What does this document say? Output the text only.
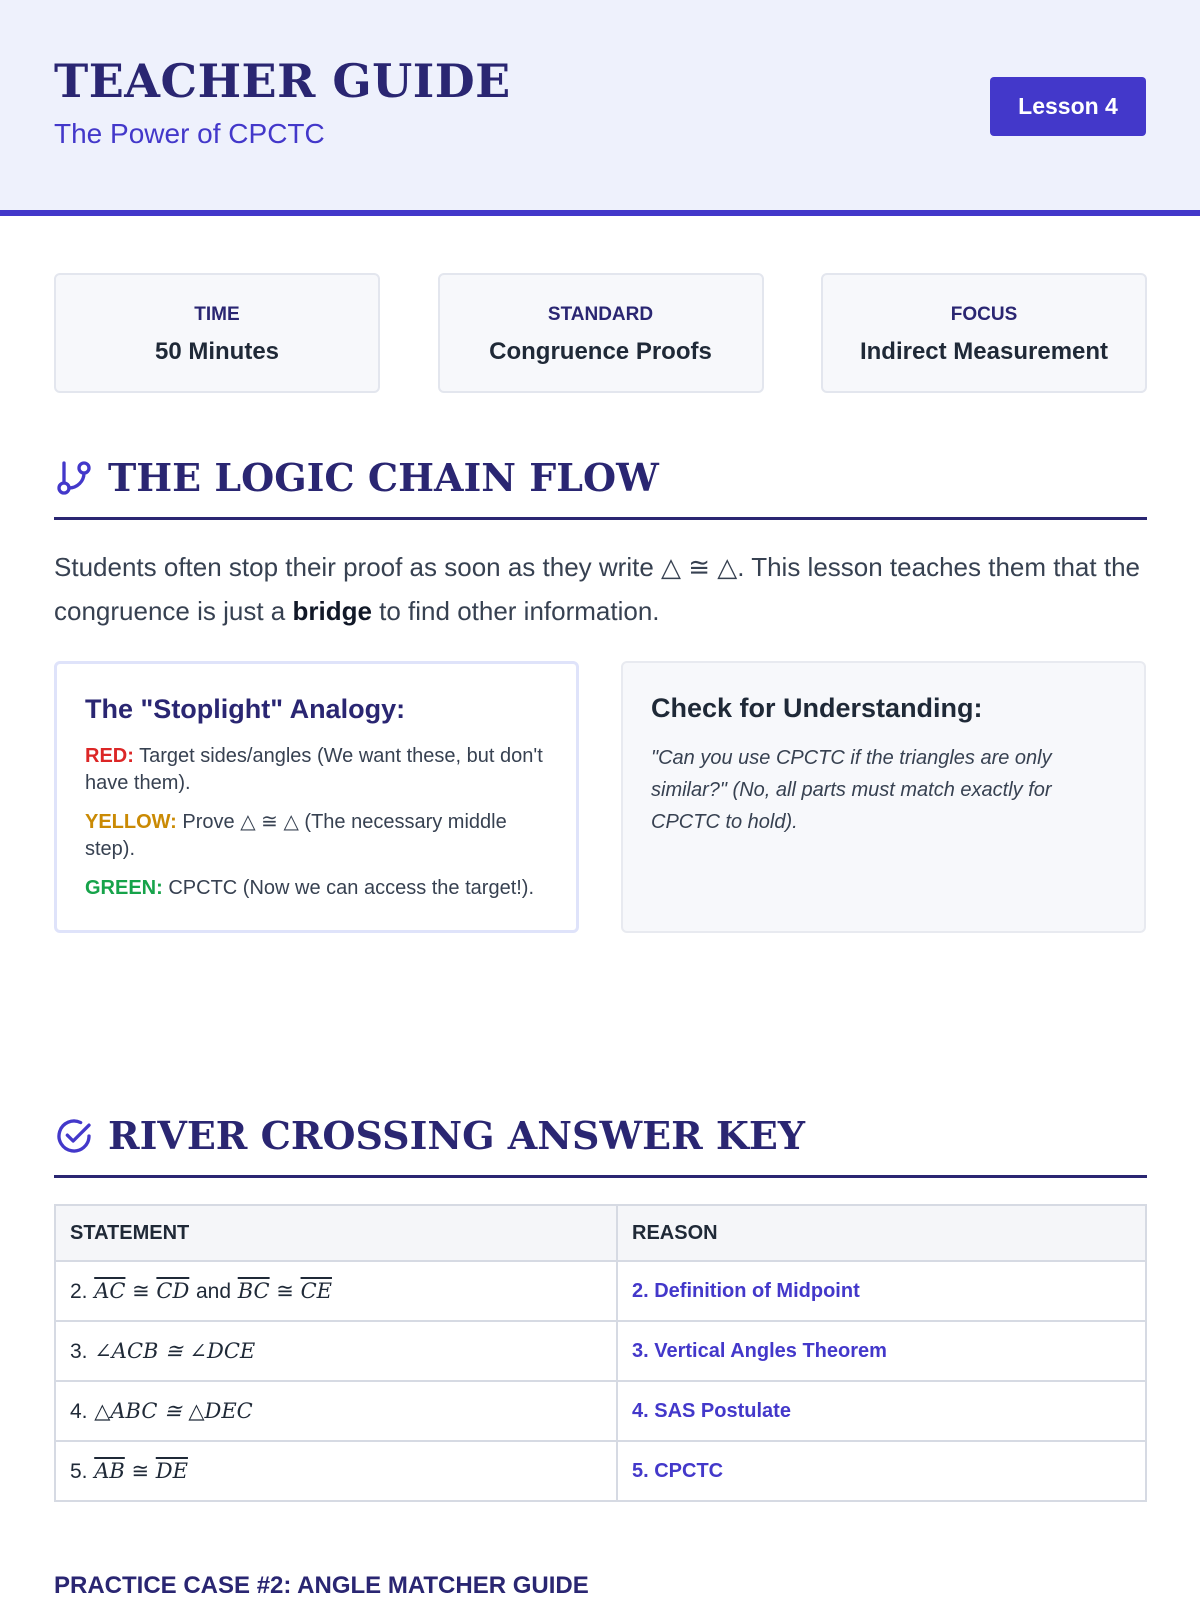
TEACHER GUIDE
The Power of CPCTC
Lesson 4
TIME
50 Minutes
STANDARD
Congruence Proofs
FOCUS
Indirect Measurement
THE LOGIC CHAIN FLOW

Students often stop their proof as soon as they write △ ≅ △. This lesson teaches them that the congruence is just a bridge to find other information.

The "Stoplight" Analogy:

RED: Target sides/angles (We want these, but don't have them).

YELLOW: Prove △ ≅ △ (The necessary middle step).

GREEN: CPCTC (Now we can access the target!).

Check for Understanding:

"Can you use CPCTC if the triangles are only similar?" (No, all parts must match exactly for CPCTC to hold).

RIVER CROSSING ANSWER KEY
STATEMENT	REASON
2. $\overline{AC}$ ≅ $\overline{CD}$ and $\overline{BC}$ ≅ $\overline{CE}$	2. Definition of Midpoint
3. ∠ACB ≅ ∠DCE	3. Vertical Angles Theorem
4. △ABC ≅ △DEC	4. SAS Postulate
5. $\overline{AB}$ ≅ $\overline{DE}$	5. CPCTC
PRACTICE CASE #2: ANGLE MATCHER GUIDE
